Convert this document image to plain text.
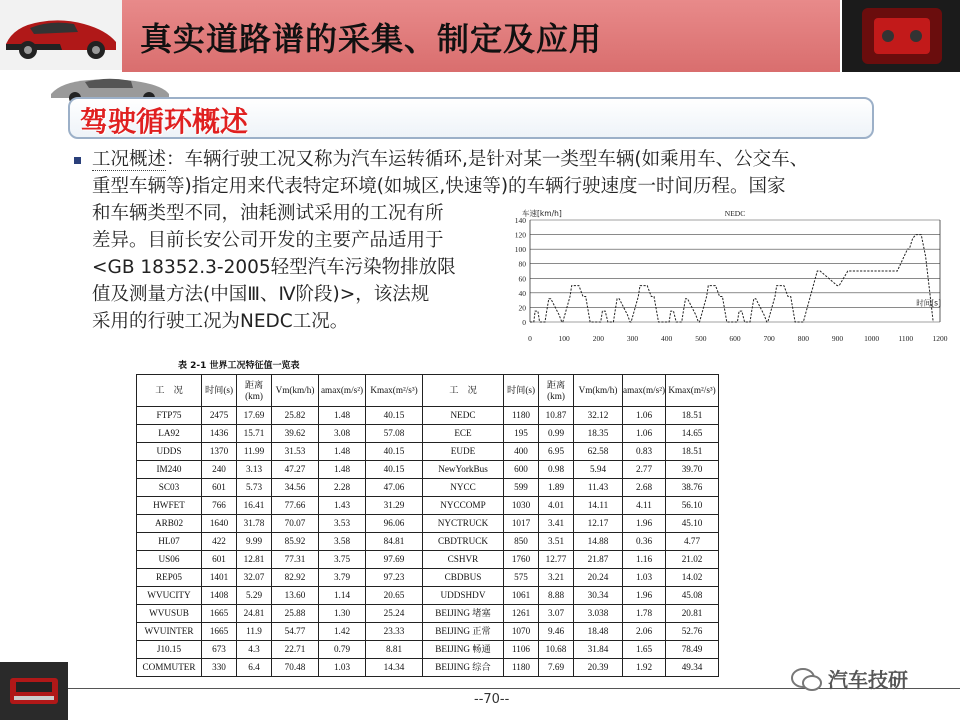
真实道路谱的采集、制定及应用
驾驶循环概述
工况概述：车辆行驶工况又称为汽车运转循环,是针对某一类型车辆(如乘用车、公交车、
重型车辆等)指定用来代表特定环境(如城区,快速等)的车辆行驶速度一时间历程。国家
和车辆类型不同，油耗测试采用的工况有所
差异。目前长安公司开发的主要产品适用于
<GB 18352.3-2005轻型汽车污染物排放限
值及测量方法(中国Ⅲ、Ⅳ阶段)>，该法规
采用的行驶工况为NEDC工况。
140
120
100
80
60
40
20
0
0	100	200	300	400	500	600	700	800	900	1000	1100	1200
车速[km/h]
时间[s]
NEDC
表 2-1 世界工况特征值一览表
工　况	时间(s)	距离(km)	Vm(km/h)	amax(m/s²)	Kmax(m²/s³)	工　况	时间(s)	距离(km)	Vm(km/h)	amax(m/s²)	Kmax(m²/s³)
FTP75	2475	17.69	25.82	1.48	40.15	NEDC	1180	10.87	32.12	1.06	18.51
LA92	1436	15.71	39.62	3.08	57.08	ECE	195	0.99	18.35	1.06	14.65
UDDS	1370	11.99	31.53	1.48	40.15	EUDE	400	6.95	62.58	0.83	18.51
IM240	240	3.13	47.27	1.48	40.15	NewYorkBus	600	0.98	5.94	2.77	39.70
SC03	601	5.73	34.56	2.28	47.06	NYCC	599	1.89	11.43	2.68	38.76
HWFET	766	16.41	77.66	1.43	31.29	NYCCOMP	1030	4.01	14.11	4.11	56.10
ARB02	1640	31.78	70.07	3.53	96.06	NYCTRUCK	1017	3.41	12.17	1.96	45.10
HL07	422	9.99	85.92	3.58	84.81	CBDTRUCK	850	3.51	14.88	0.36	4.77
US06	601	12.81	77.31	3.75	97.69	CSHVR	1760	12.77	21.87	1.16	21.02
REP05	1401	32.07	82.92	3.79	97.23	CBDBUS	575	3.21	20.24	1.03	14.02
WVUCITY	1408	5.29	13.60	1.14	20.65	UDDSHDV	1061	8.88	30.34	1.96	45.08
WVUSUB	1665	24.81	25.88	1.30	25.24	BEIJING 堵塞	1261	3.07	3.038	1.78	20.81
WVUINTER	1665	11.9	54.77	1.42	23.33	BEIJING 正常	1070	9.46	18.48	2.06	52.76
J10.15	673	4.3	22.71	0.79	8.81	BEIJING 畅通	1106	10.68	31.84	1.65	78.49
COMMUTER	330	6.4	70.48	1.03	14.34	BEIJING 综合	1180	7.69	20.39	1.92	49.34
--70--
汽车技研
